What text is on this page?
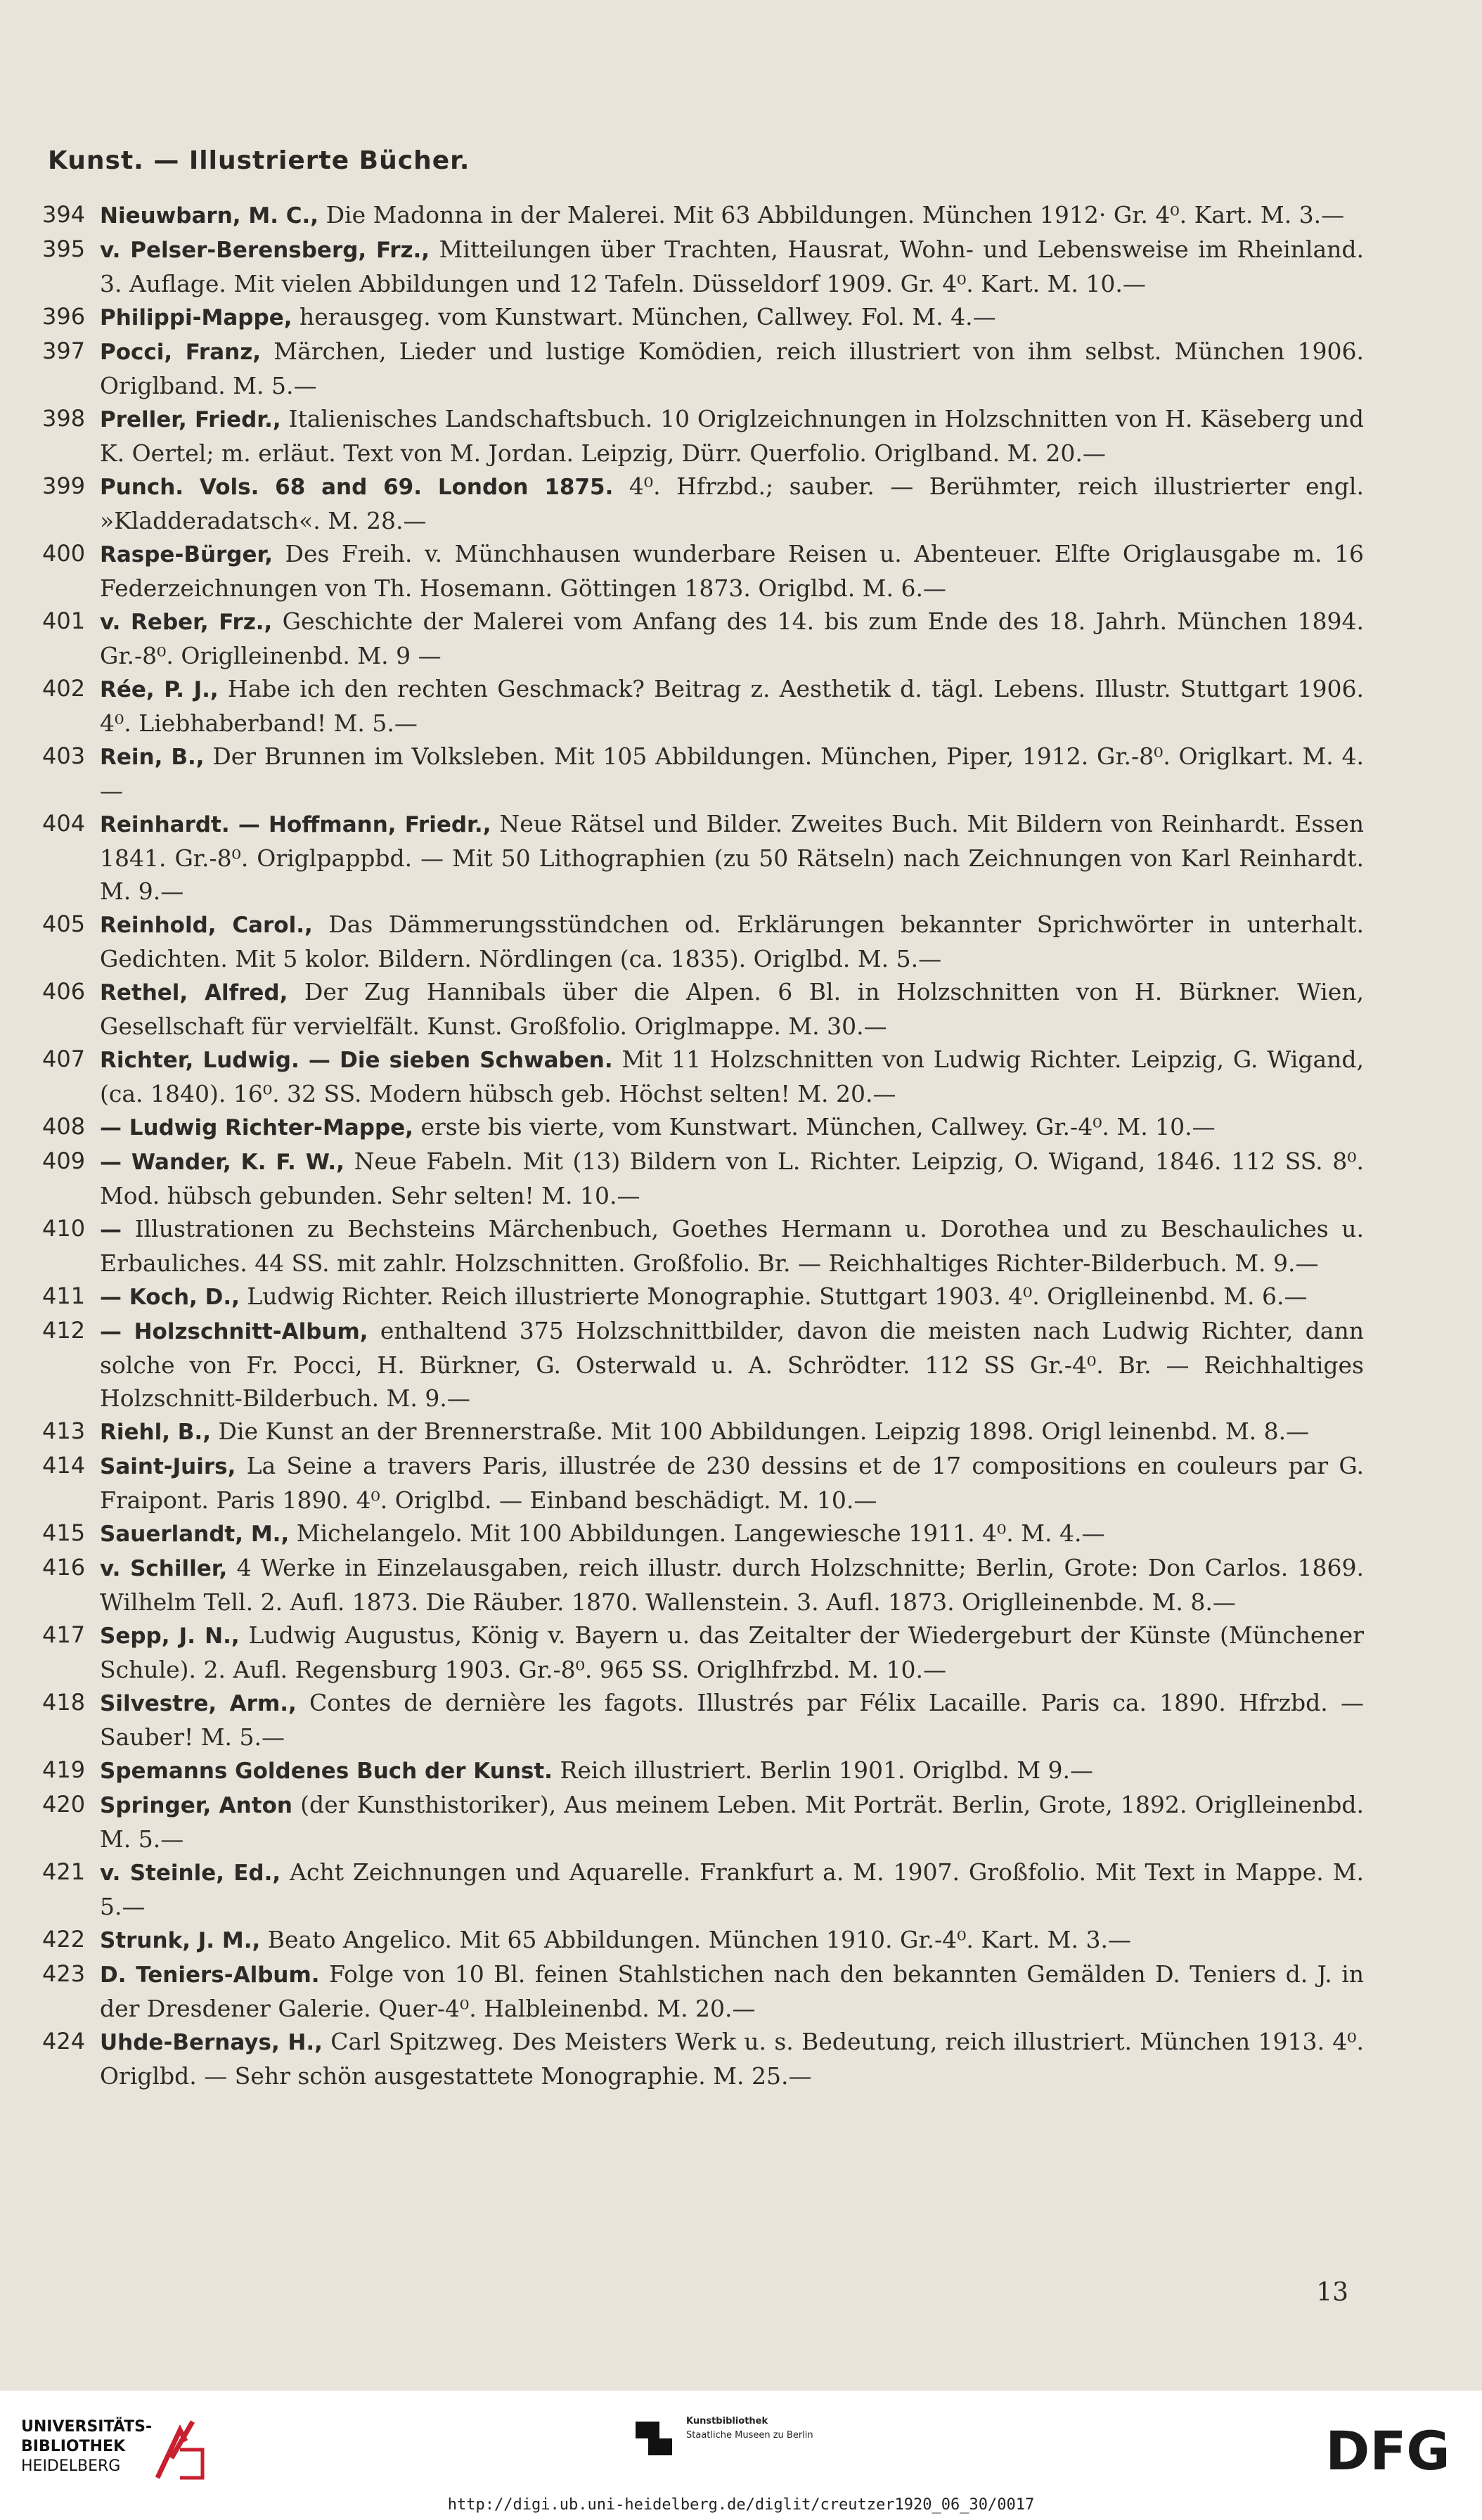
Kunst. — Illustrierte Bücher.
394 Nieuwbarn, M. C., Die Madonna in der Malerei. Mit 63 Abbildungen. München 1912· Gr. 4⁰. Kart. M. 3.—
395 v. Pelser-Berensberg, Frz., Mitteilungen über Trachten, Hausrat, Wohn- und Lebensweise im Rheinland. 3. Auflage. Mit vielen Abbildungen und 12 Tafeln. Düsseldorf 1909. Gr. 4⁰. Kart. M. 10.—
396 Philippi-Mappe, herausgeg. vom Kunstwart. München, Callwey. Fol. M. 4.—
397 Pocci, Franz, Märchen, Lieder und lustige Komödien, reich illustriert von ihm selbst. München 1906. Origlband. M. 5.—
398 Preller, Friedr., Italienisches Landschaftsbuch. 10 Origlzeichnungen in Holzschnitten von H. Käseberg und K. Oertel; m. erläut. Text von M. Jordan. Leipzig, Dürr. Querfolio. Origlband. M. 20.—
399 Punch. Vols. 68 and 69. London 1875. 4⁰. Hfrzbd.; sauber. — Berühmter, reich illustrierter engl. »Kladderadatsch«. M. 28.—
400 Raspe-Bürger, Des Freih. v. Münchhausen wunderbare Reisen u. Abenteuer. Elfte Origlausgabe m. 16 Federzeichnungen von Th. Hosemann. Göttingen 1873. Origlbd. M. 6.—
401 v. Reber, Frz., Geschichte der Malerei vom Anfang des 14. bis zum Ende des 18. Jahrh. München 1894. Gr.-8⁰. Origlleinenbd. M. 9 —
402 Rée, P. J., Habe ich den rechten Geschmack? Beitrag z. Aesthetik d. tägl. Lebens. Illustr. Stuttgart 1906. 4⁰. Liebhaberband! M. 5.—
403 Rein, B., Der Brunnen im Volksleben. Mit 105 Abbildungen. München, Piper, 1912. Gr.-8⁰. Origlkart. M. 4.—
404 Reinhardt. — Hoffmann, Friedr., Neue Rätsel und Bilder. Zweites Buch. Mit Bildern von Reinhardt. Essen 1841. Gr.-8⁰. Origlpappbd. — Mit 50 Lithographien (zu 50 Rätseln) nach Zeichnungen von Karl Reinhardt. M. 9.—
405 Reinhold, Carol., Das Dämmerungsstündchen od. Erklärungen bekannter Sprichwörter in unterhalt. Gedichten. Mit 5 kolor. Bildern. Nördlingen (ca. 1835). Origlbd. M. 5.—
406 Rethel, Alfred, Der Zug Hannibals über die Alpen. 6 Bl. in Holzschnitten von H. Bürkner. Wien, Gesellschaft für vervielfält. Kunst. Großfolio. Origlmappe. M. 30.—
407 Richter, Ludwig. — Die sieben Schwaben. Mit 11 Holzschnitten von Ludwig Richter. Leipzig, G. Wigand, (ca. 1840). 16⁰. 32 SS. Modern hübsch geb. Höchst selten! M. 20.—
408 — Ludwig Richter-Mappe, erste bis vierte, vom Kunstwart. München, Callwey. Gr.-4⁰. M. 10.—
409 — Wander, K. F. W., Neue Fabeln. Mit (13) Bildern von L. Richter. Leipzig, O. Wigand, 1846. 112 SS. 8⁰. Mod. hübsch gebunden. Sehr selten! M. 10.—
410 — Illustrationen zu Bechsteins Märchenbuch, Goethes Hermann u. Dorothea und zu Beschauliches u. Erbauliches. 44 SS. mit zahlr. Holzschnitten. Großfolio. Br. — Reichhaltiges Richter-Bilderbuch. M. 9.—
411 — Koch, D., Ludwig Richter. Reich illustrierte Monographie. Stuttgart 1903. 4⁰. Origlleinenbd. M. 6.—
412 — Holzschnitt-Album, enthaltend 375 Holzschnittbilder, davon die meisten nach Ludwig Richter, dann solche von Fr. Pocci, H. Bürkner, G. Osterwald u. A. Schrödter. 112 SS Gr.-4⁰. Br. — Reichhaltiges Holzschnitt-Bilderbuch. M. 9.—
413 Riehl, B., Die Kunst an der Brennerstraße. Mit 100 Abbildungen. Leipzig 1898. Origl leinenbd. M. 8.—
414 Saint-Juirs, La Seine a travers Paris, illustrée de 230 dessins et de 17 compositions en couleurs par G. Fraipont. Paris 1890. 4⁰. Origlbd. — Einband beschädigt. M. 10.—
415 Sauerlandt, M., Michelangelo. Mit 100 Abbildungen. Langewiesche 1911. 4⁰. M. 4.—
416 v. Schiller, 4 Werke in Einzelausgaben, reich illustr. durch Holzschnitte; Berlin, Grote: Don Carlos. 1869. Wilhelm Tell. 2. Aufl. 1873. Die Räuber. 1870. Wallenstein. 3. Aufl. 1873. Origlleinenbde. M. 8.—
417 Sepp, J. N., Ludwig Augustus, König v. Bayern u. das Zeitalter der Wiedergeburt der Künste (Münchener Schule). 2. Aufl. Regensburg 1903. Gr.-8⁰. 965 SS. Origlhfrzbd. M. 10.—
418 Silvestre, Arm., Contes de dernière les fagots. Illustrés par Félix Lacaille. Paris ca. 1890. Hfrzbd. — Sauber! M. 5.—
419 Spemanns Goldenes Buch der Kunst. Reich illustriert. Berlin 1901. Origlbd. M 9.—
420 Springer, Anton (der Kunsthistoriker), Aus meinem Leben. Mit Porträt. Berlin, Grote, 1892. Origlleinenbd. M. 5.—
421 v. Steinle, Ed., Acht Zeichnungen und Aquarelle. Frankfurt a. M. 1907. Großfolio. Mit Text in Mappe. M. 5.—
422 Strunk, J. M., Beato Angelico. Mit 65 Abbildungen. München 1910. Gr.-4⁰. Kart. M. 3.—
423 D. Teniers-Album. Folge von 10 Bl. feinen Stahlstichen nach den bekannten Gemälden D. Teniers d. J. in der Dresdener Galerie. Quer-4⁰. Halbleinenbd. M. 20.—
424 Uhde-Bernays, H., Carl Spitzweg. Des Meisters Werk u. s. Bedeutung, reich illustriert. München 1913. 4⁰. Origlbd. — Sehr schön ausgestattete Monographie. M. 25.—
13
UNIVERSITÄTS-
BIBLIOTHEK
HEIDELBERG
Kunstbibliothek
Staatliche Museen zu Berlin	DFG
http://digi.ub.uni-heidelberg.de/diglit/creutzer1920_06_30/0017
